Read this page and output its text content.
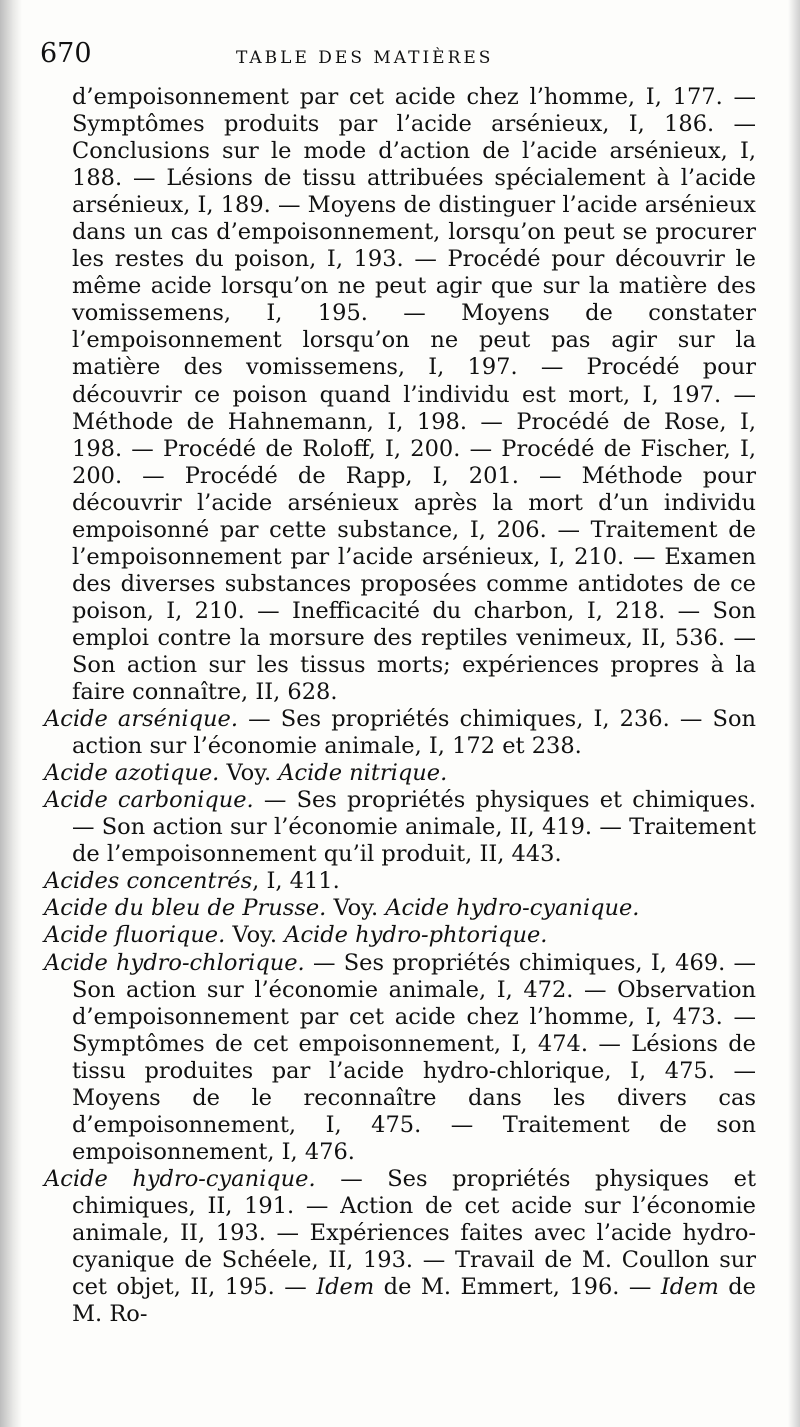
670	TABLE DES MATIÈRES

d’empoisonnement par cet acide chez l’homme, I, 177. — Symptômes produits par l’acide arsénieux, I, 186. — Conclusions sur le mode d’action de l’acide arsénieux, I, 188. — Lésions de tissu attribuées spécialement à l’acide arsénieux, I, 189. — Moyens de distinguer l’acide arsénieux dans un cas d’empoisonnement, lorsqu’on peut se procurer les restes du poison, I, 193. — Procédé pour découvrir le même acide lorsqu’on ne peut agir que sur la matière des vomissemens, I, 195. — Moyens de constater l’empoisonnement lorsqu’on ne peut pas agir sur la matière des vomissemens, I, 197. — Procédé pour découvrir ce poison quand l’individu est mort, I, 197. — Méthode de Hahnemann, I, 198. — Procédé de Rose, I, 198. — Procédé de Roloff, I, 200. — Procédé de Fischer, I, 200. — Procédé de Rapp, I, 201. — Méthode pour découvrir l’acide arsénieux après la mort d’un individu empoisonné par cette substance, I, 206. — Traitement de l’empoisonnement par l’acide arsénieux, I, 210. — Examen des diverses substances proposées comme antidotes de ce poison, I, 210. — Inefficacité du charbon, I, 218. — Son emploi contre la morsure des reptiles venimeux, II, 536. — Son action sur les tissus morts; expériences propres à la faire connaître, II, 628.

Acide arsénique. — Ses propriétés chimiques, I, 236. — Son action sur l’économie animale, I, 172 et 238.

Acide azotique. Voy. Acide nitrique.

Acide carbonique. — Ses propriétés physiques et chimiques. — Son action sur l’économie animale, II, 419. — Traitement de l’empoisonnement qu’il produit, II, 443.

Acides concentrés, I, 411.

Acide du bleu de Prusse. Voy. Acide hydro-cyanique.

Acide fluorique. Voy. Acide hydro-phtorique.

Acide hydro-chlorique. — Ses propriétés chimiques, I, 469. — Son action sur l’économie animale, I, 472. — Observation d’empoisonnement par cet acide chez l’homme, I, 473. — Symptômes de cet empoisonnement, I, 474. — Lésions de tissu produites par l’acide hydro-chlorique, I, 475. — Moyens de le reconnaître dans les divers cas d’empoisonnement, I, 475. — Traitement de son empoisonnement, I, 476.

Acide hydro-cyanique. — Ses propriétés physiques et chimiques, II, 191. — Action de cet acide sur l’économie animale, II, 193. — Expériences faites avec l’acide hydro-cyanique de Schéele, II, 193. — Travail de M. Coullon sur cet objet, II, 195. — Idem de M. Emmert, 196. — Idem de M. Ro-
